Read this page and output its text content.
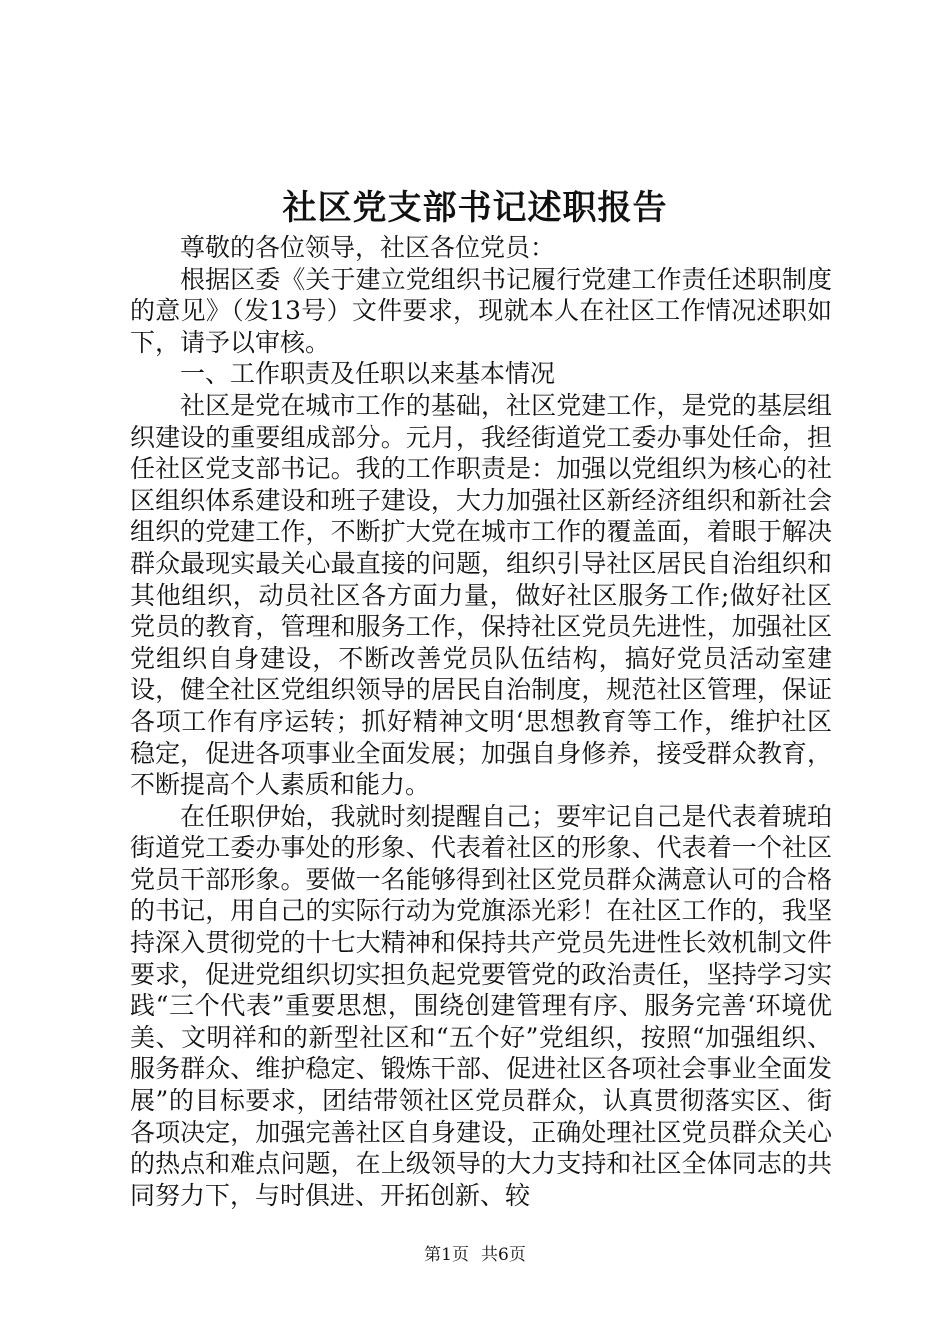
社区党支部书记述职报告

尊敬的各位领导，社区各位党员：

根据区委《关于建立党组织书记履行党建工作责任述职制度的意见》（发13号）文件要求，现就本人在社区工作情况述职如下，请予以审核。

一、工作职责及任职以来基本情况

社区是党在城市工作的基础，社区党建工作，是党的基层组织建设的重要组成部分。元月，我经街道党工委办事处任命，担任社区党支部书记。我的工作职责是：加强以党组织为核心的社区组织体系建设和班子建设，大力加强社区新经济组织和新社会组织的党建工作，不断扩大党在城市工作的覆盖面，着眼于解决群众最现实最关心最直接的问题，组织引导社区居民自治组织和其他组织，动员社区各方面力量，做好社区服务工作;做好社区党员的教育，管理和服务工作，保持社区党员先进性，加强社区党组织自身建设，不断改善党员队伍结构，搞好党员活动室建设，健全社区党组织领导的居民自治制度，规范社区管理，保证各项工作有序运转；抓好精神文明‘思想教育等工作，维护社区稳定，促进各项事业全面发展；加强自身修养，接受群众教育，不断提高个人素质和能力。

在任职伊始，我就时刻提醒自己；要牢记自己是代表着琥珀街道党工委办事处的形象、代表着社区的形象、代表着一个社区党员干部形象。要做一名能够得到社区党员群众满意认可的合格的书记，用自己的实际行动为党旗添光彩！在社区工作的，我坚持深入贯彻党的十七大精神和保持共产党员先进性长效机制文件要求，促进党组织切实担负起党要管党的政治责任，坚持学习实践“三个代表”重要思想，围绕创建管理有序、服务完善‘环境优美、文明祥和的新型社区和“五个好”党组织，按照“加强组织、服务群众、维护稳定、锻炼干部、促进社区各项社会事业全面发展”的目标要求，团结带领社区党员群众，认真贯彻落实区、街各项决定，加强完善社区自身建设，正确处理社区党员群众关心的热点和难点问题，在上级领导的大力支持和社区全体同志的共同努力下，与时俱进、开拓创新、较

第1页 共6页
